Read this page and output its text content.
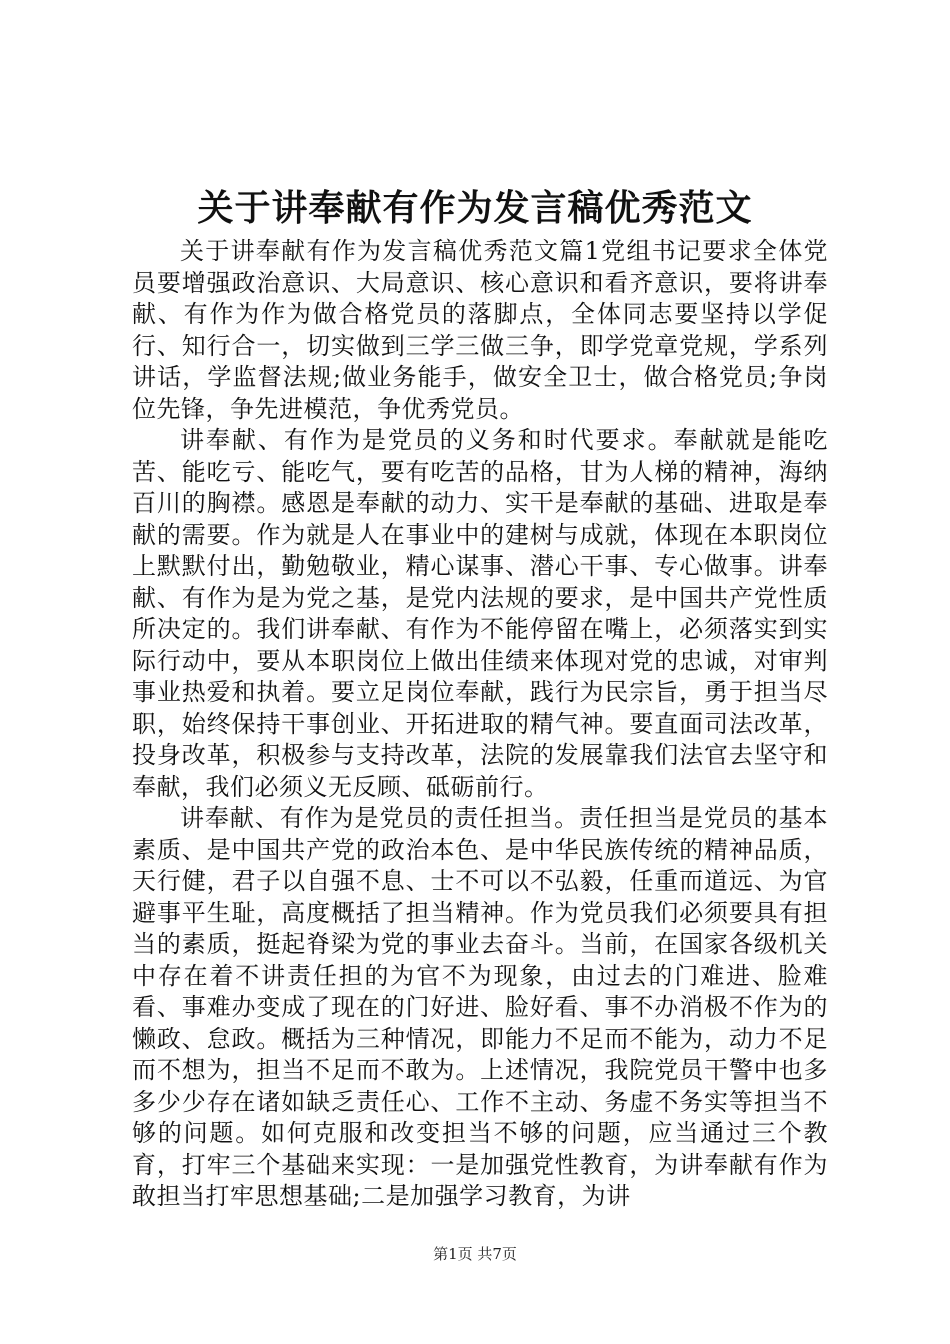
关于讲奉献有作为发言稿优秀范文

关于讲奉献有作为发言稿优秀范文篇1党组书记要求全体党员要增强政治意识、大局意识、核心意识和看齐意识，要将讲奉献、有作为作为做合格党员的落脚点，全体同志要坚持以学促行、知行合一，切实做到三学三做三争，即学党章党规，学系列讲话，学监督法规;做业务能手，做安全卫士，做合格党员;争岗位先锋，争先进模范，争优秀党员。

讲奉献、有作为是党员的义务和时代要求。奉献就是能吃苦、能吃亏、能吃气，要有吃苦的品格，甘为人梯的精神，海纳百川的胸襟。感恩是奉献的动力、实干是奉献的基础、进取是奉献的需要。作为就是人在事业中的建树与成就，体现在本职岗位上默默付出，勤勉敬业，精心谋事、潜心干事、专心做事。讲奉献、有作为是为党之基，是党内法规的要求，是中国共产党性质所决定的。我们讲奉献、有作为不能停留在嘴上，必须落实到实际行动中，要从本职岗位上做出佳绩来体现对党的忠诚，对审判事业热爱和执着。要立足岗位奉献，践行为民宗旨，勇于担当尽职，始终保持干事创业、开拓进取的精气神。要直面司法改革，投身改革，积极参与支持改革，法院的发展靠我们法官去坚守和奉献，我们必须义无反顾、砥砺前行。

讲奉献、有作为是党员的责任担当。责任担当是党员的基本素质、是中国共产党的政治本色、是中华民族传统的精神品质，天行健，君子以自强不息、士不可以不弘毅，任重而道远、为官避事平生耻，高度概括了担当精神。作为党员我们必须要具有担当的素质，挺起脊梁为党的事业去奋斗。当前，在国家各级机关中存在着不讲责任担的为官不为现象，由过去的门难进、脸难看、事难办变成了现在的门好进、脸好看、事不办消极不作为的懒政、怠政。概括为三种情况，即能力不足而不能为，动力不足而不想为，担当不足而不敢为。上述情况，我院党员干警中也多多少少存在诸如缺乏责任心、工作不主动、务虚不务实等担当不够的问题。如何克服和改变担当不够的问题，应当通过三个教育，打牢三个基础来实现：一是加强党性教育，为讲奉献有作为敢担当打牢思想基础;二是加强学习教育，为讲

第1页 共7页
